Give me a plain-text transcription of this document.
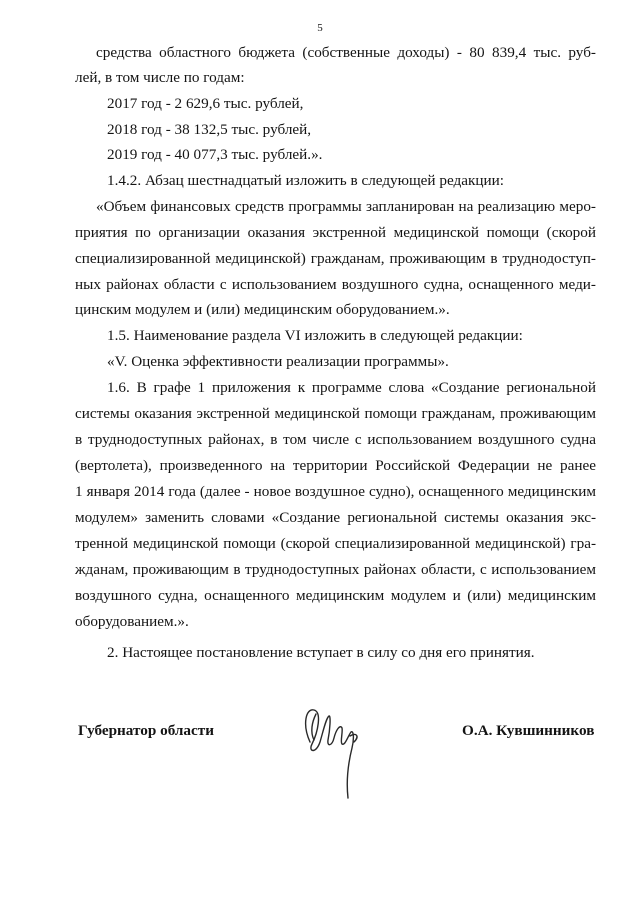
5
средства областного бюджета (собственные доходы) - 80 839,4 тыс. руб-
лей, в том числе по годам:
2017 год - 2 629,6 тыс. рублей,
2018 год - 38 132,5 тыс. рублей,
2019 год - 40 077,3 тыс. рублей.».
1.4.2. Абзац шестнадцатый изложить в следующей редакции:
«Объем финансовых средств программы запланирован на реализацию меро-
приятия по организации оказания экстренной медицинской помощи (скорой
специализированной медицинской) гражданам, проживающим в труднодоступ-
ных районах области с использованием воздушного судна, оснащенного меди-
цинским модулем и (или) медицинским оборудованием.».
1.5. Наименование раздела VI изложить в следующей редакции:
«V. Оценка эффективности реализации программы».
1.6. В графе 1 приложения к программе слова «Создание региональной
системы оказания экстренной медицинской помощи гражданам, проживающим
в труднодоступных районах, в том числе с использованием воздушного судна
(вертолета), произведенного на территории Российской Федерации не ранее
1 января 2014 года (далее - новое воздушное судно), оснащенного медицинским
модулем» заменить словами «Создание региональной системы оказания экс-
тренной медицинской помощи (скорой специализированной медицинской) гра-
жданам, проживающим в труднодоступных районах области, с использованием
воздушного судна, оснащенного медицинским модулем и (или) медицинским
оборудованием.».
2. Настоящее постановление вступает в силу со дня его принятия.
Губернатор области	О.А. Кувшинников
